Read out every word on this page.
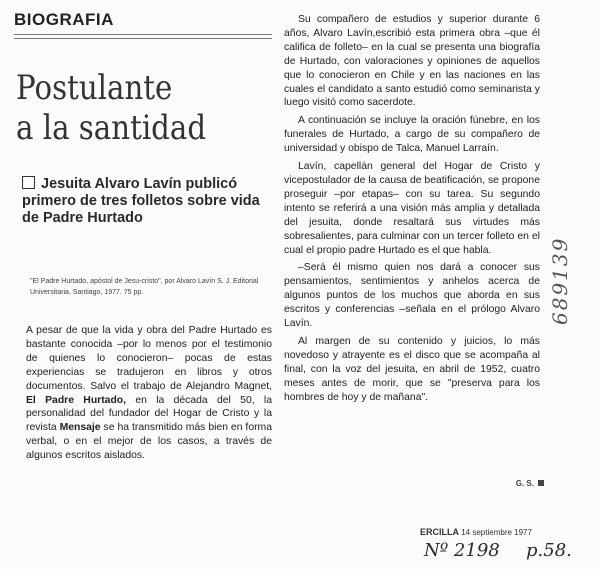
BIOGRAFIA
Postulante
a la santidad
Jesuita Alvaro Lavín publicó primero de tres folletos sobre vida de Padre Hurtado
"El Padre Hurtado, apóstol de Jesu-cristo", por Alvaro Lavín S. J. Editorial Universitaria. Santiago, 1977. 75 pp.
A pesar de que la vida y obra del Padre Hurtado es bastante conocida –por lo menos por el testimonio de quienes lo conocieron– pocas de estas experiencias se tradujeron en libros y otros documentos. Salvo el trabajo de Alejandro Magnet, El Padre Hurtado, en la década del 50, la personalidad del fundador del Hogar de Cristo y la revista Mensaje se ha transmitido más bien en forma verbal, o en el mejor de los casos, a través de algunos escritos aislados.

Su compañero de estudios y superior durante 6 años, Alvaro Lavín,escribió esta primera obra –que él califica de folleto– en la cual se presenta una biografía de Hurtado, con valoraciones y opiniones de aquellos que lo conocieron en Chile y en las naciones en las cuales el candidato a santo estudió como seminarista y luego visitó como sacerdote.

A continuación se incluye la oración fúnebre, en los funerales de Hurtado, a cargo de su compañero de universidad y obispo de Talca, Manuel Larraín.

Lavín, capellán general del Hogar de Cristo y vicepostulador de la causa de beatificación, se propone proseguir –por etapas– con su tarea. Su segundo intento se referirá a una visión más amplia y detallada del jesuita, donde resaltará sus virtudes más sobresalientes, para culminar con un tercer folleto en el cual el propio padre Hurtado es el que habla.

–Será él mismo quien nos dará a conocer sus pensamientos, sentimientos y anhelos acerca de algunos puntos de los muchos que aborda en sus escritos y conferencias –señala en el prólogo Alvaro Lavín.

Al margen de su contenido y juicios, lo más novedoso y atrayente es el disco que se acompaña al final, con la voz del jesuita, en abril de 1952, cuatro meses antes de morir, que se "preserva para los hombres de hoy y de mañana".

G. S.
ERCILLA 14 septiembre 1977
Nº 2198 p.58.
689139
